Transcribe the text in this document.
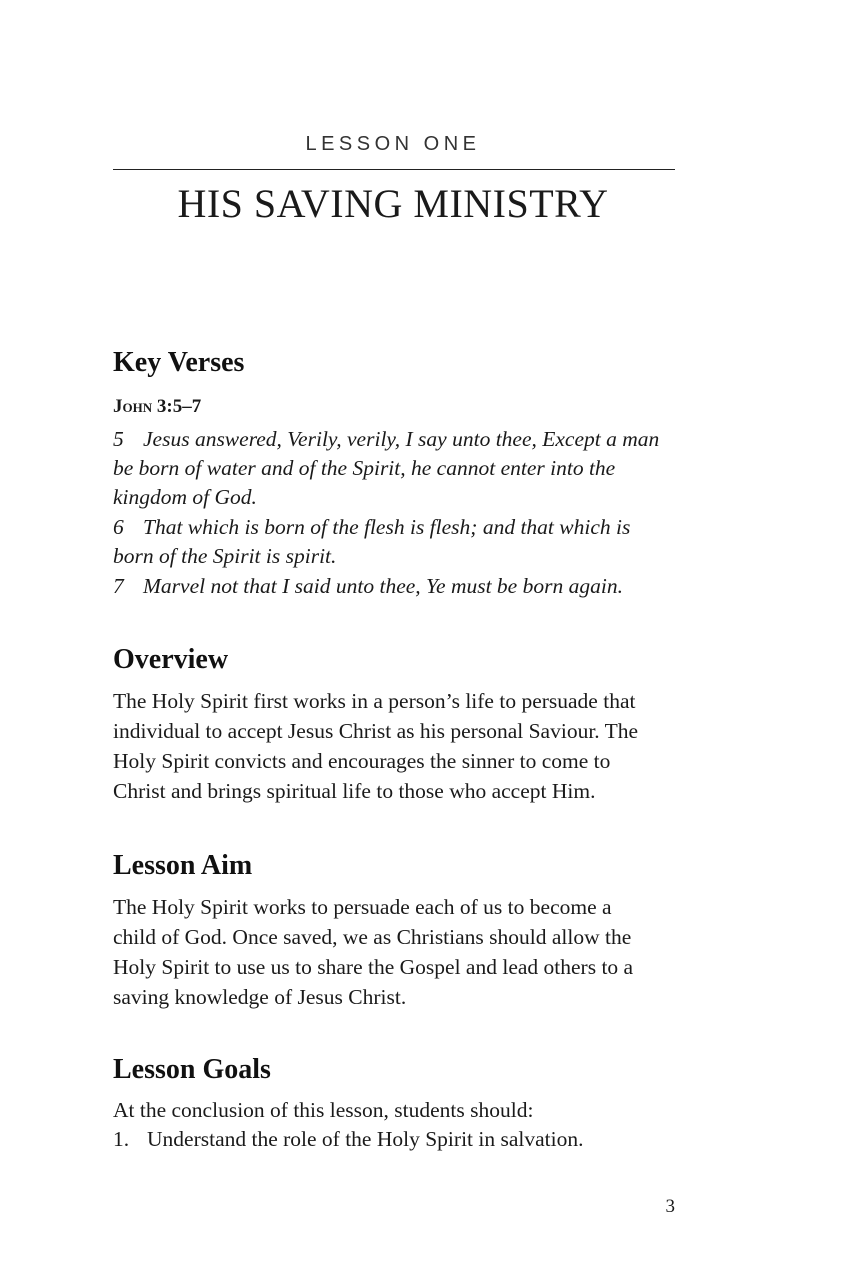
LESSON ONE
HIS SAVING MINISTRY
Key Verses
John 3:5–7
5 Jesus answered, Verily, verily, I say unto thee, Except a man
be born of water and of the Spirit, he cannot enter into the
kingdom of God.
6 That which is born of the flesh is flesh; and that which is
born of the Spirit is spirit.
7 Marvel not that I said unto thee, Ye must be born again.
Overview
The Holy Spirit first works in a person’s life to persuade that
individual to accept Jesus Christ as his personal Saviour. The
Holy Spirit convicts and encourages the sinner to come to
Christ and brings spiritual life to those who accept Him.
Lesson Aim
The Holy Spirit works to persuade each of us to become a
child of God. Once saved, we as Christians should allow the
Holy Spirit to use us to share the Gospel and lead others to a
saving knowledge of Jesus Christ.
Lesson Goals
At the conclusion of this lesson, students should:
1. Understand the role of the Holy Spirit in salvation.
3
